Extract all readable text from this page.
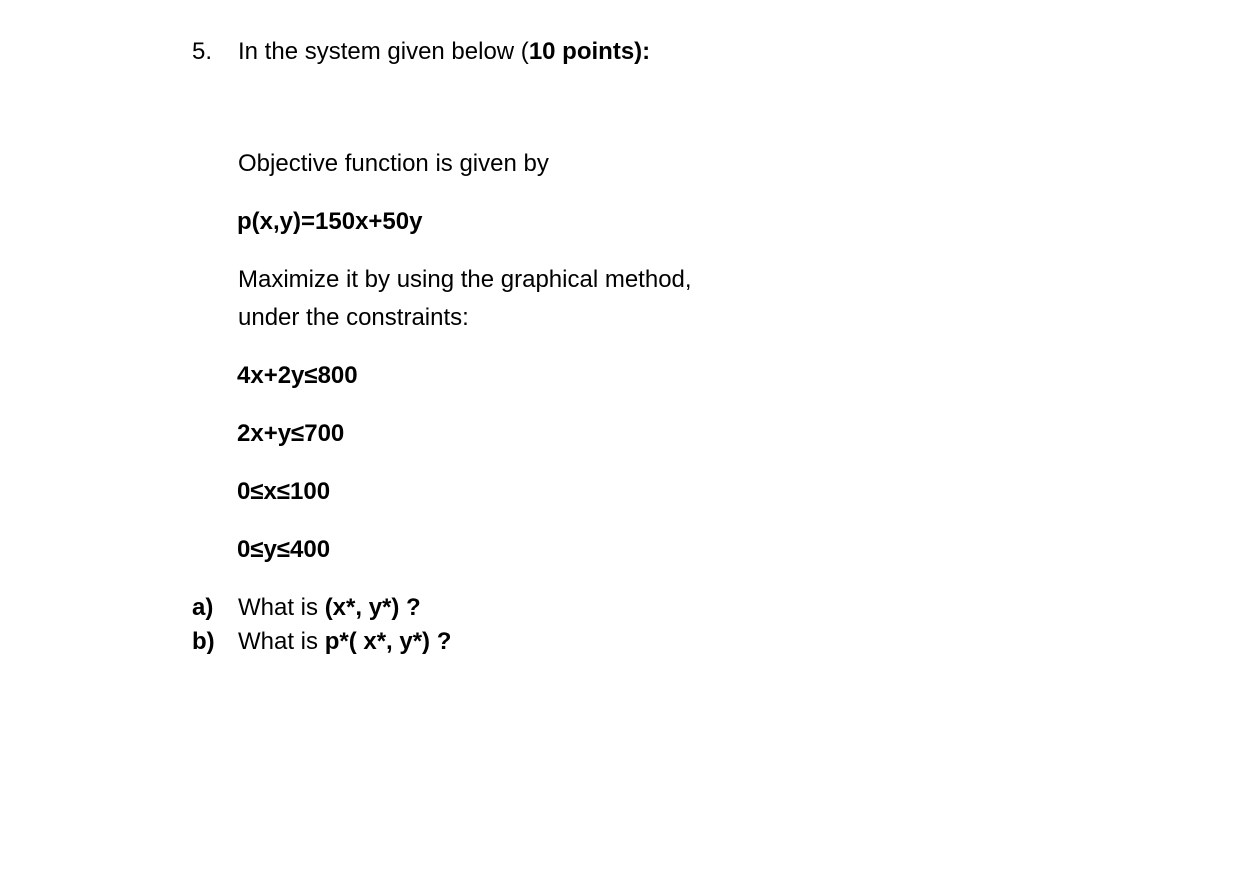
5. In the system given below (10 points):
Objective function is given by
p(x,y)=150x+50y
Maximize it by using the graphical method,
under the constraints:
4x+2y≤800
2x+y≤700
0≤x≤100
0≤y≤400
a) What is (x*, y*) ?
b) What is p*( x*, y*) ?
